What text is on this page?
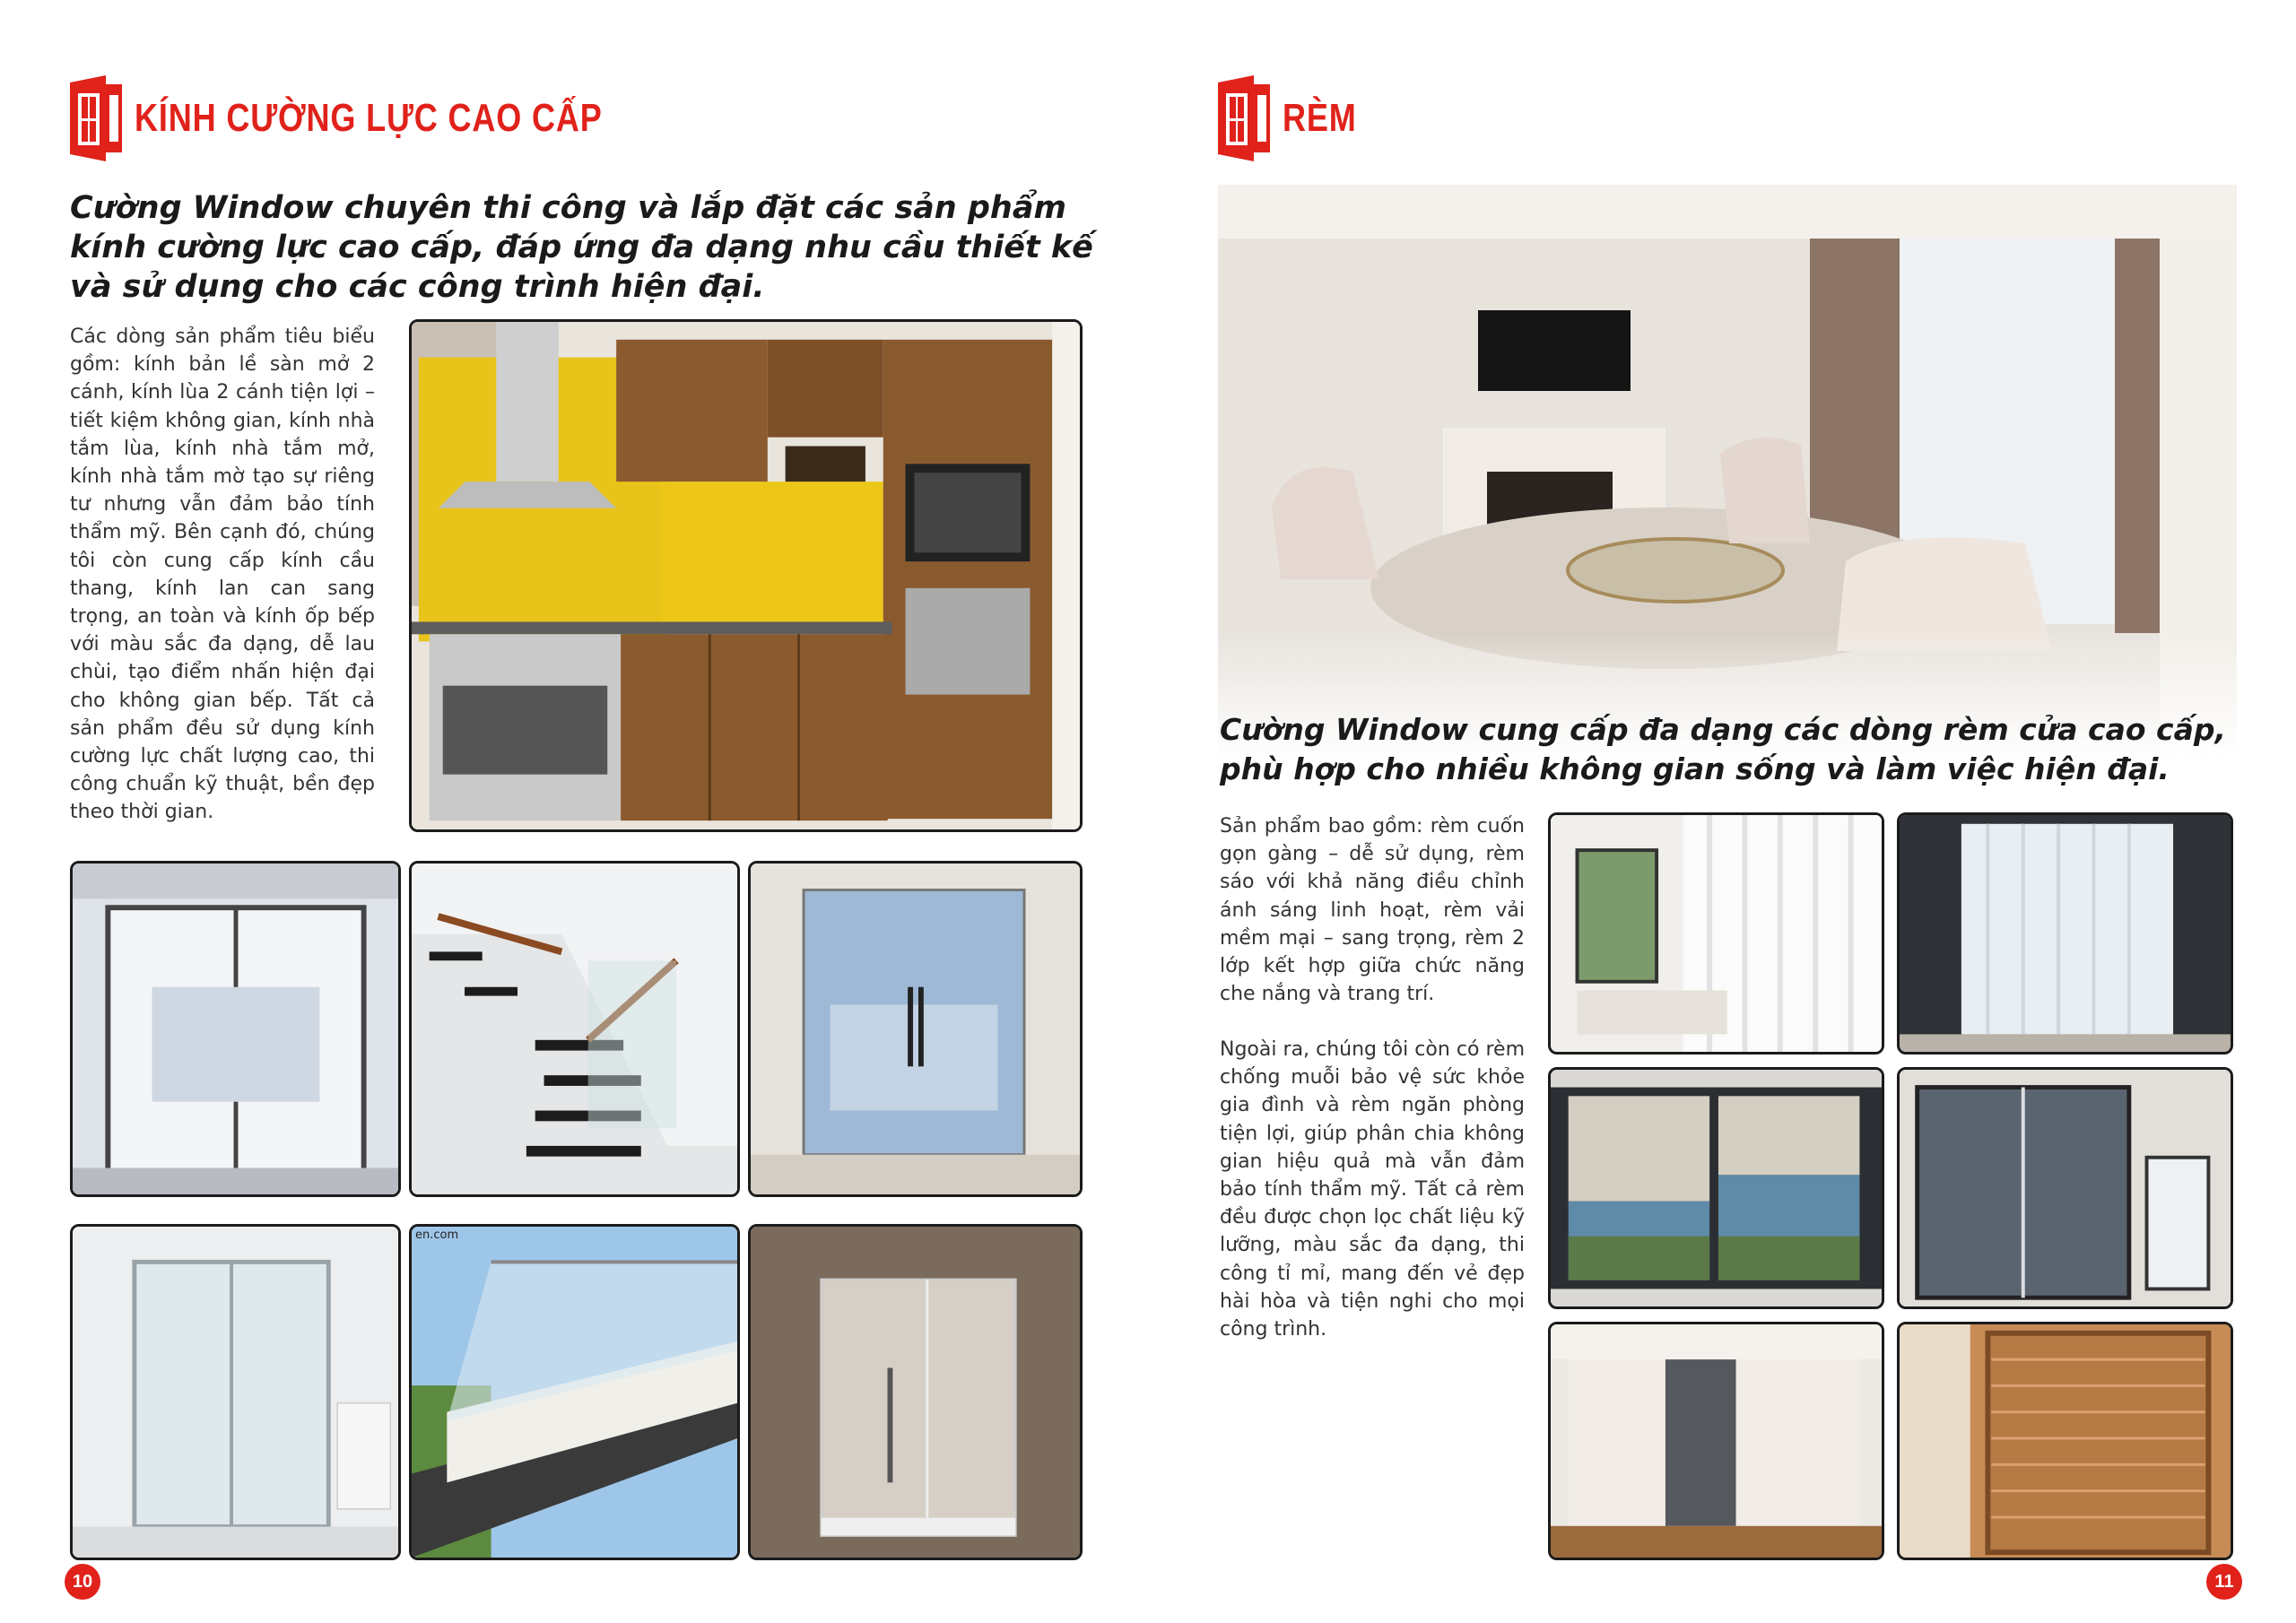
KÍNH CƯỜNG LỰC CAO CẤP
Cường Window chuyên thi công và lắp đặt các sản phẩm kính cường lực cao cấp, đáp ứng đa dạng nhu cầu thiết kế và sử dụng cho các công trình hiện đại.
Các dòng sản phẩm tiêu biểu gồm: kính bản lề sàn mở 2 cánh, kính lùa 2 cánh tiện lợi – tiết kiệm không gian, kính nhà tắm lùa, kính nhà tắm mở, kính nhà tắm mờ tạo sự riêng tư nhưng vẫn đảm bảo tính thẩm mỹ. Bên cạnh đó, chúng tôi còn cung cấp kính cầu thang, kính lan can sang trọng, an toàn và kính ốp bếp với màu sắc đa dạng, dễ lau chùi, tạo điểm nhấn hiện đại cho không gian bếp. Tất cả sản phẩm đều sử dụng kính cường lực chất lượng cao, thi công chuẩn kỹ thuật, bền đẹp theo thời gian.
en.com
10
RÈM
Cường Window cung cấp đa dạng các dòng rèm cửa cao cấp, phù hợp cho nhiều không gian sống và làm việc hiện đại.
Sản phẩm bao gồm: rèm cuốn gọn gàng – dễ sử dụng, rèm sáo với khả năng điều chỉnh ánh sáng linh hoạt, rèm vải mềm mại – sang trọng, rèm 2 lớp kết hợp giữa chức năng che nắng và trang trí.
Ngoài ra, chúng tôi còn có rèm chống muỗi bảo vệ sức khỏe gia đình và rèm ngăn phòng tiện lợi, giúp phân chia không gian hiệu quả mà vẫn đảm bảo tính thẩm mỹ. Tất cả rèm đều được chọn lọc chất liệu kỹ lưỡng, màu sắc đa dạng, thi công tỉ mỉ, mang đến vẻ đẹp hài hòa và tiện nghi cho mọi công trình.
11
